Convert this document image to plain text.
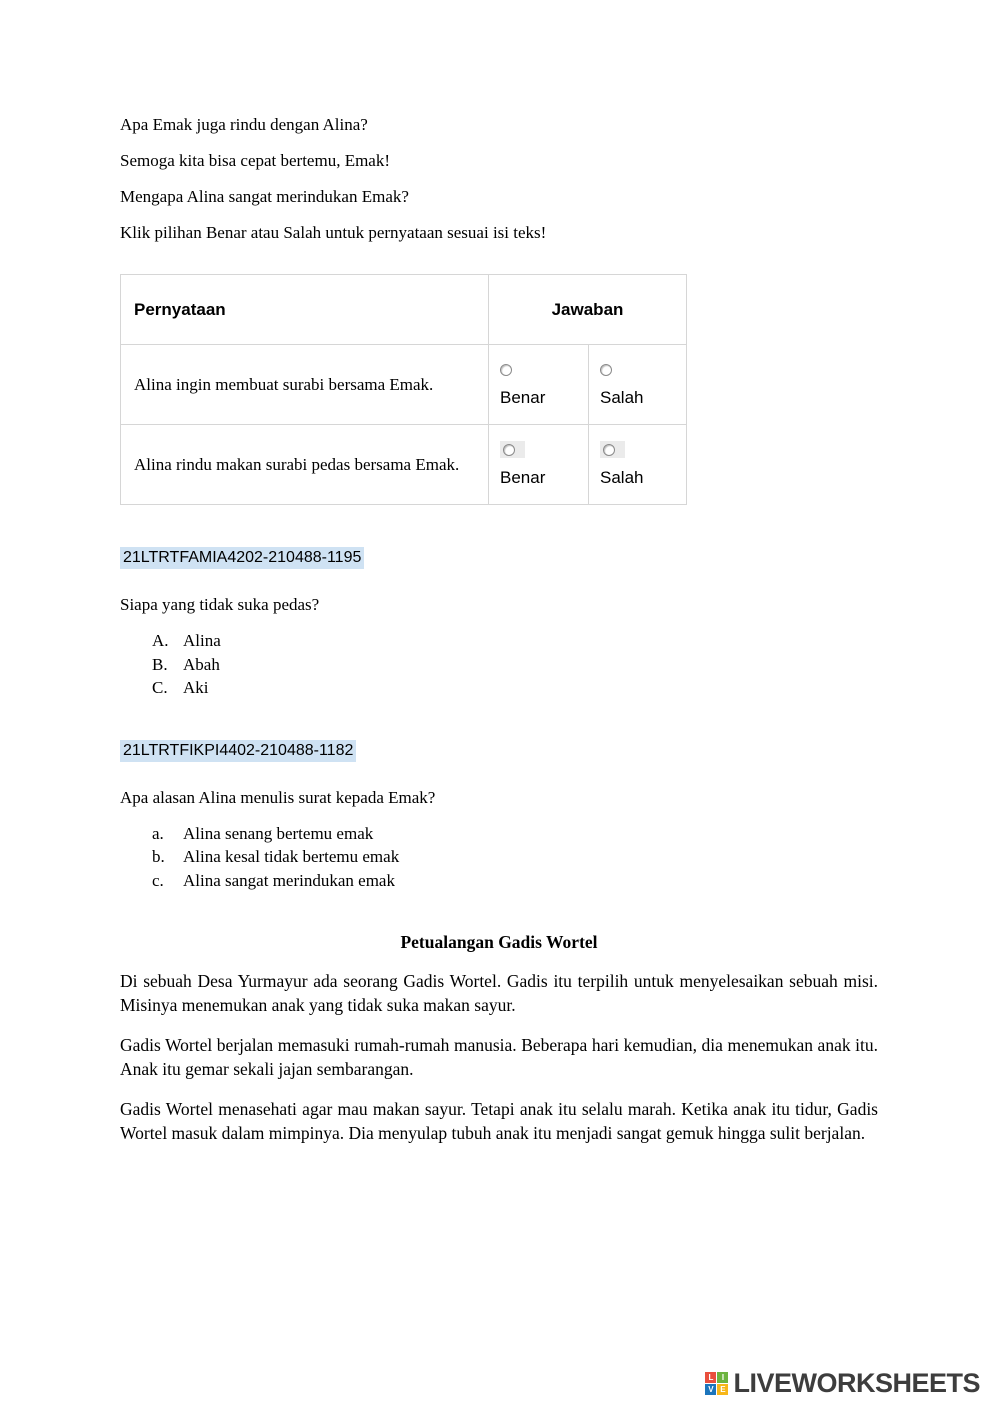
Apa Emak juga rindu dengan Alina?

Semoga kita bisa cepat bertemu, Emak!

Mengapa Alina sangat merindukan Emak?

Klik pilihan Benar atau Salah untuk pernyataan sesuai isi teks!

Pernyataan	Jawaban	
Alina ingin membuat surabi bersama Emak.	Benar	Salah

Alina rindu makan surabi pedas bersama Emak.	Benar	Salah
21LTRTFAMIA4202-210488-1195

Siapa yang tidak suka pedas?

A. Alina
B. Abah
C. Aki
21LTRTFIKPI4402-210488-1182

Apa alasan Alina menulis surat kepada Emak?

a.	Alina senang bertemu emak
b.	Alina kesal tidak bertemu emak
c.	Alina sangat merindukan emak
Petualangan Gadis Wortel

Di sebuah Desa Yurmayur ada seorang Gadis Wortel. Gadis itu terpilih untuk menyelesaikan sebuah misi. Misinya menemukan anak yang tidak suka makan sayur.

Gadis Wortel berjalan memasuki rumah-rumah manusia. Beberapa hari kemudian, dia menemukan anak itu. Anak itu gemar sekali jajan sembarangan.

Gadis Wortel menasehati agar mau makan sayur. Tetapi anak itu selalu marah. Ketika anak itu tidur, Gadis Wortel masuk dalam mimpinya. Dia menyulap tubuh anak itu menjadi sangat gemuk hingga sulit berjalan.

L	I
V E LIVEWORKSHEETS
